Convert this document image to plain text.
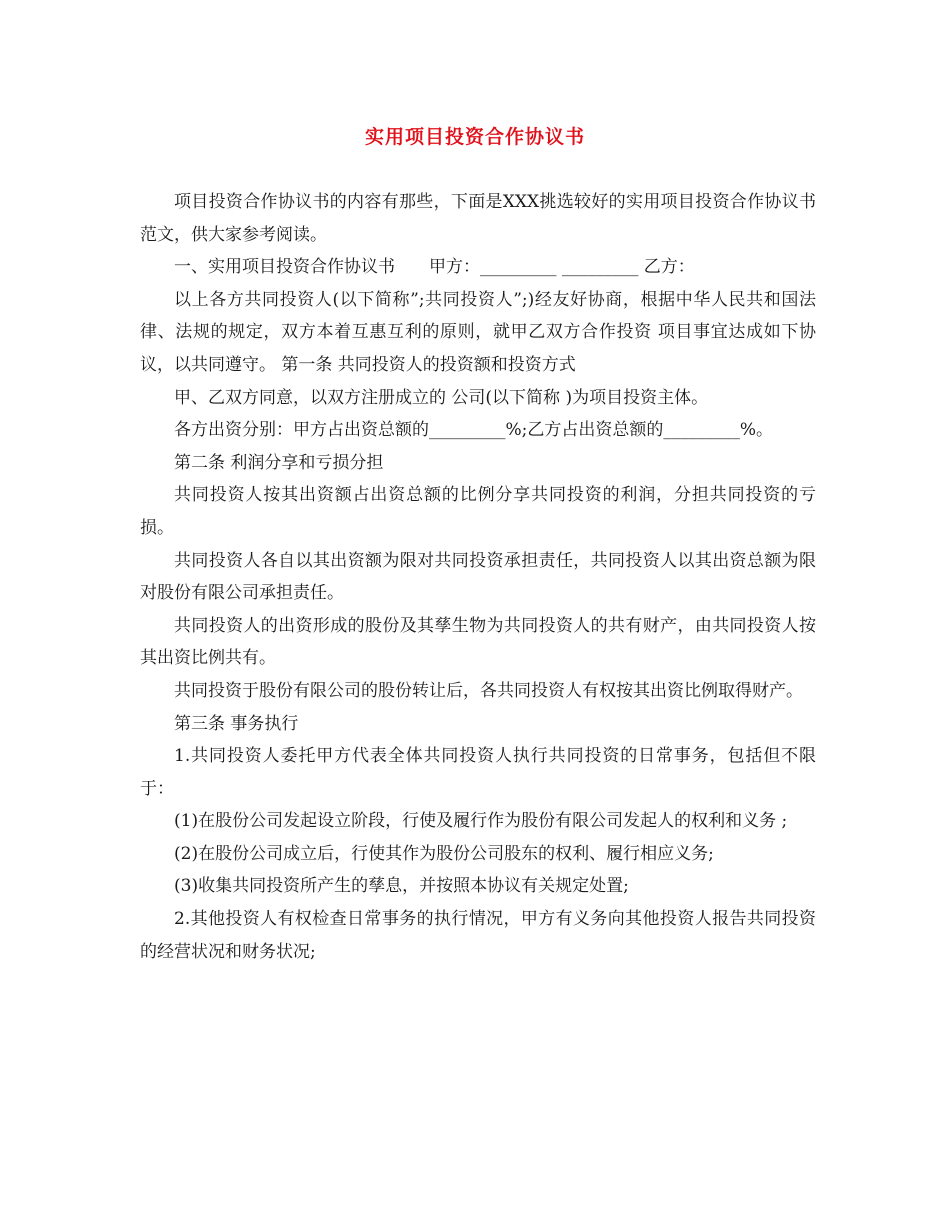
实用项目投资合作协议书

项目投资合作协议书的内容有那些，下面是XXX挑选较好的实用项目投资合作协议书范文，供大家参考阅读。

一、实用项目投资合作协议书　　甲方：_________ _________ 乙方：

以上各方共同投资人(以下简称”;共同投资人”;)经友好协商，根据中华人民共和国法律、法规的规定，双方本着互惠互利的原则，就甲乙双方合作投资 项目事宜达成如下协议，以共同遵守。 第一条 共同投资人的投资额和投资方式

甲、乙双方同意，以双方注册成立的 公司(以下简称 )为项目投资主体。

各方出资分别：甲方占出资总额的_________%;乙方占出资总额的_________%。

第二条 利润分享和亏损分担

共同投资人按其出资额占出资总额的比例分享共同投资的利润，分担共同投资的亏损。

共同投资人各自以其出资额为限对共同投资承担责任，共同投资人以其出资总额为限对股份有限公司承担责任。

共同投资人的出资形成的股份及其孳生物为共同投资人的共有财产，由共同投资人按其出资比例共有。

共同投资于股份有限公司的股份转让后，各共同投资人有权按其出资比例取得财产。

第三条 事务执行

1.共同投资人委托甲方代表全体共同投资人执行共同投资的日常事务，包括但不限于：

(1)在股份公司发起设立阶段，行使及履行作为股份有限公司发起人的权利和义务 ;

(2)在股份公司成立后，行使其作为股份公司股东的权利、履行相应义务;

(3)收集共同投资所产生的孳息，并按照本协议有关规定处置;

2.其他投资人有权检查日常事务的执行情况，甲方有义务向其他投资人报告共同投资的经营状况和财务状况;
